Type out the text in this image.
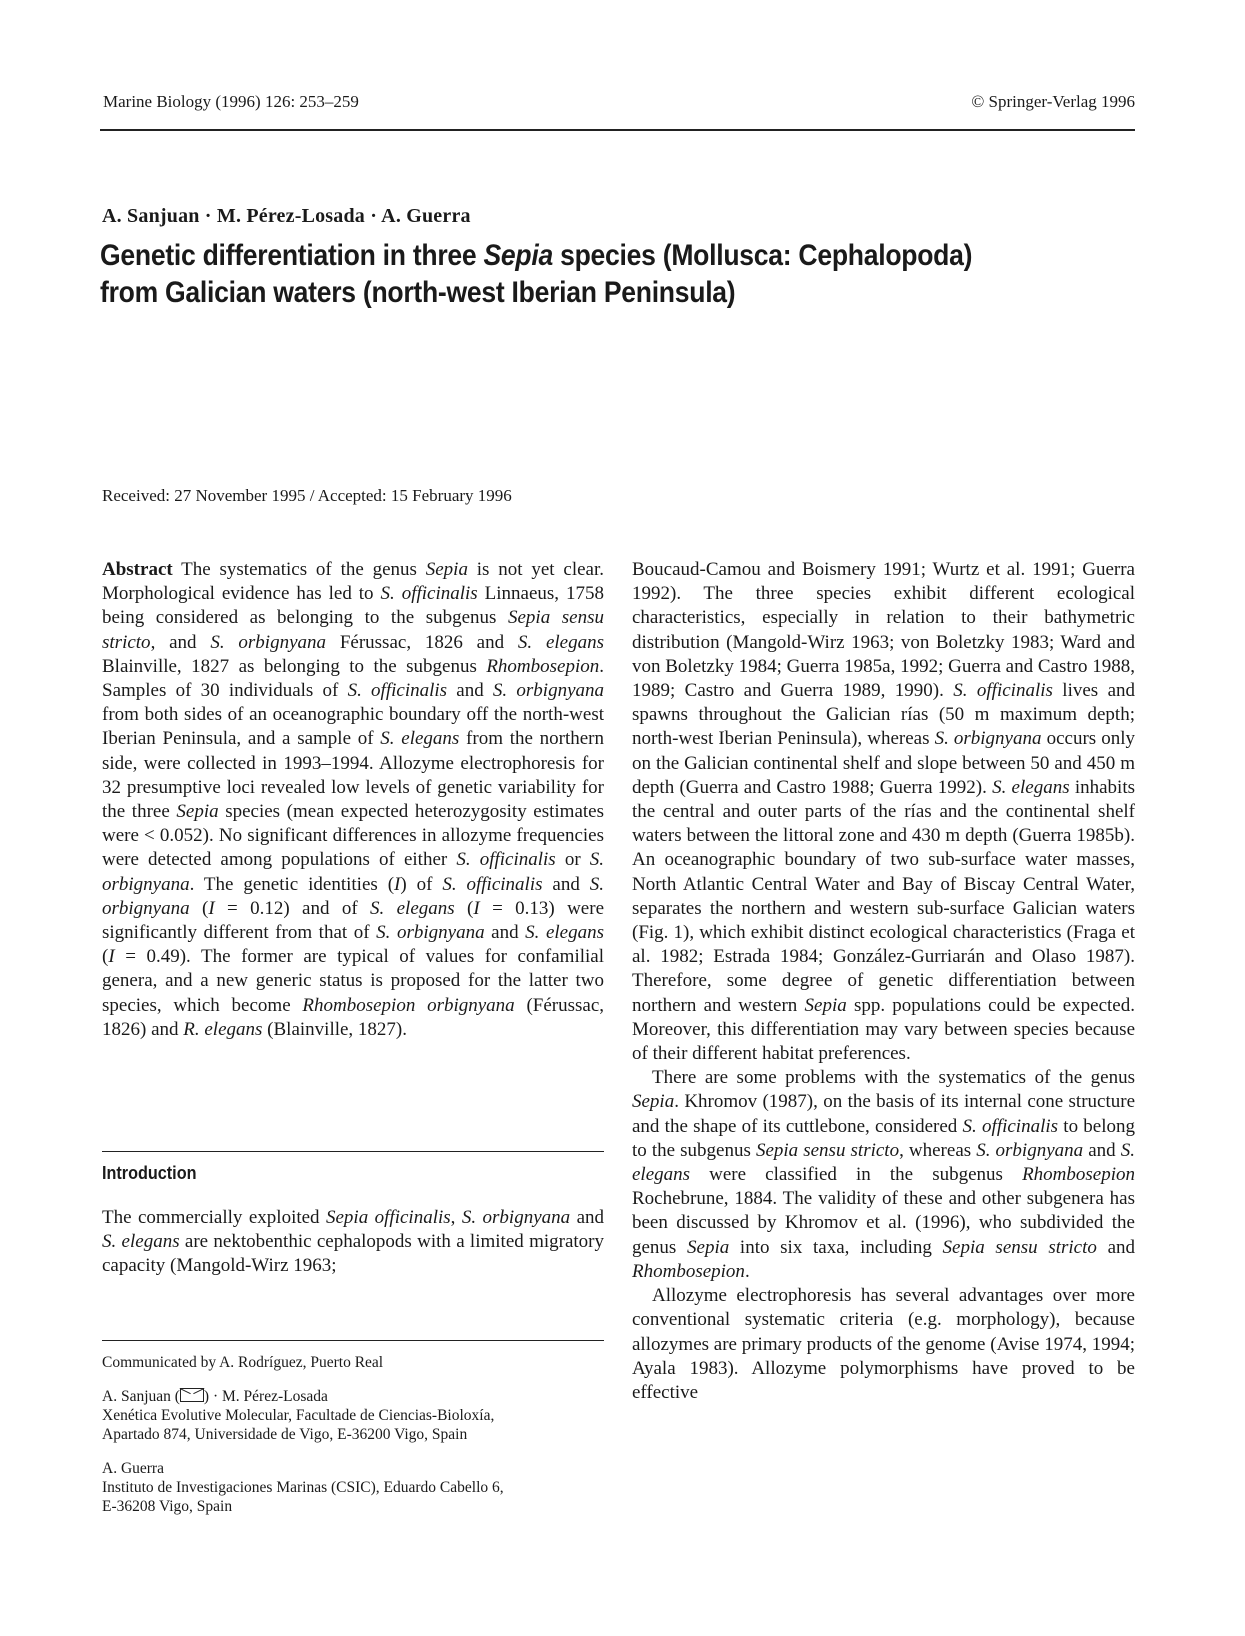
Marine Biology (1996) 126: 253–259	© Springer-Verlag 1996
A. Sanjuan · M. Pérez-Losada · A. Guerra
Genetic differentiation in three Sepia species (Mollusca: Cephalopoda)
from Galician waters (north-west Iberian Peninsula)
Received: 27 November 1995 / Accepted: 15 February 1996

Abstract The systematics of the genus Sepia is not yet clear. Morphological evidence has led to S. officinalis Linnaeus, 1758 being considered as belonging to the subgenus Sepia sensu stricto, and S. orbignyana Férussac, 1826 and S. elegans Blainville, 1827 as belonging to the subgenus Rhombosepion. Samples of 30 individuals of S. officinalis and S. orbignyana from both sides of an oceanographic boundary off the north-west Iberian Peninsula, and a sample of S. elegans from the northern side, were collected in 1993–1994. Allozyme electrophoresis for 32 presumptive loci revealed low levels of genetic variability for the three Sepia species (mean expected heterozygosity estimates were < 0.052). No significant differences in allozyme frequencies were detected among populations of either S. officinalis or S. orbignyana. The genetic identities (I) of S. officinalis and S. orbignyana (I = 0.12) and of S. elegans (I = 0.13) were significantly different from that of S. orbignyana and S. elegans (I = 0.49). The former are typical of values for confamilial genera, and a new generic status is proposed for the latter two species, which become Rhombosepion orbignyana (Férussac, 1826) and R. elegans (Blainville, 1827).

Introduction

The commercially exploited Sepia officinalis, S. orbignyana and S. elegans are nektobenthic cephalopods with a limited migratory capacity (Mangold-Wirz 1963;

Communicated by A. Rodríguez, Puerto Real
A. Sanjuan ( ) · M. Pérez-Losada
Xenética Evolutive Molecular, Facultade de Ciencias-Bioloxía,
Apartado 874, Universidade de Vigo, E-36200 Vigo, Spain
A. Guerra
Instituto de Investigaciones Marinas (CSIC), Eduardo Cabello 6,
E-36208 Vigo, Spain

Boucaud-Camou and Boismery 1991; Wurtz et al. 1991; Guerra 1992). The three species exhibit different ecological characteristics, especially in relation to their bathymetric distribution (Mangold-Wirz 1963; von Boletzky 1983; Ward and von Boletzky 1984; Guerra 1985a, 1992; Guerra and Castro 1988, 1989; Castro and Guerra 1989, 1990). S. officinalis lives and spawns throughout the Galician rías (50 m maximum depth; north-west Iberian Peninsula), whereas S. orbignyana occurs only on the Galician continental shelf and slope between 50 and 450 m depth (Guerra and Castro 1988; Guerra 1992). S. elegans inhabits the central and outer parts of the rías and the continental shelf waters between the littoral zone and 430 m depth (Guerra 1985b). An oceanographic boundary of two sub-surface water masses, North Atlantic Central Water and Bay of Biscay Central Water, separates the northern and western sub-surface Galician waters (Fig. 1), which exhibit distinct ecological characteristics (Fraga et al. 1982; Estrada 1984; González-Gurriarán and Olaso 1987). Therefore, some degree of genetic differentiation between northern and western Sepia spp. populations could be expected. Moreover, this differentiation may vary between species because of their different habitat preferences.

There are some problems with the systematics of the genus Sepia. Khromov (1987), on the basis of its internal cone structure and the shape of its cuttlebone, considered S. officinalis to belong to the subgenus Sepia sensu stricto, whereas S. orbignyana and S. elegans were classified in the subgenus Rhombosepion Rochebrune, 1884. The validity of these and other subgenera has been discussed by Khromov et al. (1996), who subdivided the genus Sepia into six taxa, including Sepia sensu stricto and Rhombosepion.

Allozyme electrophoresis has several advantages over more conventional systematic criteria (e.g. morphology), because allozymes are primary products of the genome (Avise 1974, 1994; Ayala 1983). Allozyme polymorphisms have proved to be effective
